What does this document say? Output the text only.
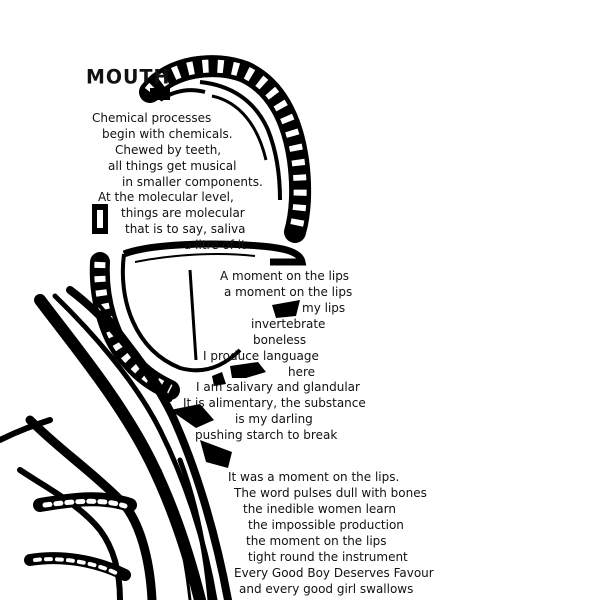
MOUTH

Chemical processes

begin with chemicals.

Chewed by teeth,

all things get musical

in smaller components.

At the molecular level,

things are molecular

that is to say, saliva

a litre of it

A moment on the lips

a moment on the lips

my lips

invertebrate

boneless

I produce language

here

I am salivary and glandular

It is alimentary, the substance

is my darling

pushing starch to break

It was a moment on the lips.

The word pulses dull with bones

the inedible women learn

the impossible production

the moment on the lips

tight round the instrument

Every Good Boy Deserves Favour

and every good girl swallows
